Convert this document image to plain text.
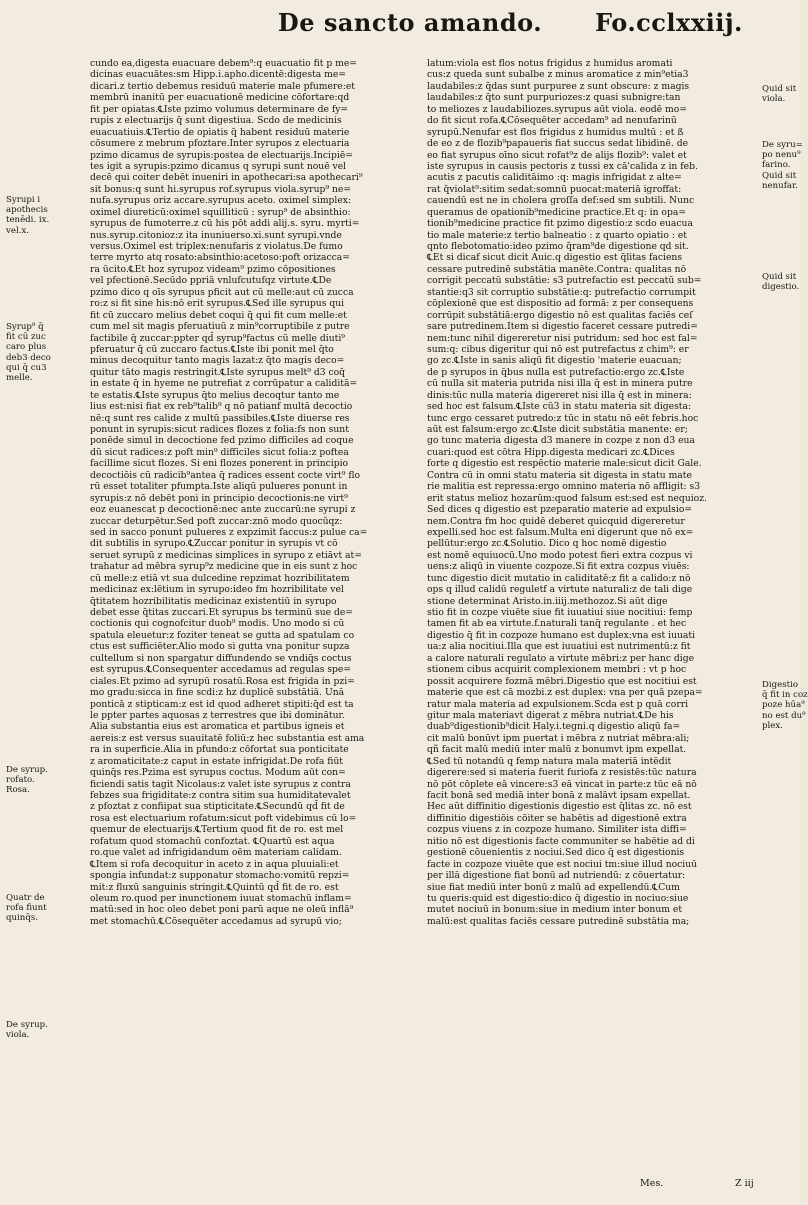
De sancto amando.	Fo.cclxxiij.
cundo ea,digesta euacuare debem⁹:q euacuatio fit p me=
dicinas euacuātes:sm Hipp.i.apho.dicentē:digesta me=
dicari.z tertio debemus residuū materie male pfumere:et
membrū inanitū per euacuationē medicine cōfortare:qd
fit per opiatas.℄Iste pzimo volumus determinare de fy=
rupis z electuarijs q̄ sunt digestiua. Scdo de medicinis
euacuatiuis.℄Tertio de opiatis q̄ habent residuū materie
cōsumere z mebrum pfoztare.Inter syrupos z electuaria
pzimo dicamus de syrupis:postea de electuarijs.Incipiē=
tes igit a syrupis:pzimo dicamus q syrupi sunt nouē vel
decē qui coiter debēt inueniri in apothecari:sa apothecari⁹
sit bonus:q sunt hi.syrupus rof.syrupus viola.syrup⁹ ne=
nufa.syrupus oriz accare.syrupus aceto. oximel simplex:
oximel diureticū:oximel squilliticū : syrup⁹ de absinthio:
syrupus de fumoterre.z cū his pōt addi alij.s. syru. myrti=
nus.syrup.citonioz:z ita inuniuerso.xi.sunt syrupi.vnde
versus.Oximel est triplex:nenufaris z violatus.De fumo
terre myrto atq rosato:absinthio:acetoso:poft orizacca=
ra ūcito.℄Et hoz syrupoz videam⁹ pzimo cōpositiones
vel pfectionē.Secūdo ppriā vnlufcutufqz virtute.℄De
pzimo dico q oīs syrupus pficit aut cū melle:aut cū zucca
ro:z si fit sine his:nō erit syrupus.℄Sed ille syrupus qui
fit cū zuccaro melius debet coqui q̄ qui fit cum melle:et
cum mel sit magis pferuatiuū z min⁹corruptibile z putre
factibile q̄ zuccar:ppter qd̄ syrup⁹factus cū melle diuti⁹
pferuatur q̄ cū zuccaro factus.℄Iste ibi ponit mel q̄to
minus decoquitur tanto magis lazat:z q̄to magis deco=
quitur tāto magis restringit.℄Iste syrupus melt⁹ d3 coq̄
in estate q̄ in hyeme ne putrefiat z corrūpatur a caliditā=
te estatis.℄Iste syrupus q̄to melius decoqtur tanto me
lius est:nisi fiat ex reb⁹talib⁹ q nō patianf multā decoctio
nē:q sunt res calide z multū passibiles.℄Iste diuerse res
ponunt in syrupis:sicut radices flozes z folia:fs non sunt
ponēde simul in decoctione fed pzimo difficiles ad coque
dū sicut radices:z poft min⁹ difficiles sicut folia:z poftea
facillime sicut flozes. Si eni flozes ponerent in principio
decoctiōis cū radicib⁹antea q̄ radices essent cocte virt⁹ flo
rū esset totaliter pfumpta.Iste aliqū pulueres ponunt in
syrupis:z nō debēt poni in principio decoctionis:ne virt⁹
eoz euanescat p decoctionē:nec ante zuccarū:ne syrupi z
zuccar deturpētur.Sed poft zuccar:znō modo quocūqz:
sed in sacco ponunt pulueres z expzimit faccus:z pulue ca=
dit subtilis in syrupo.℄Zuccar ponitur in syrupis vt cō
seruet syrupū z medicinas simplices in syrupo z etiāvt at=
trahatur ad mēbra syrup⁹z medicine que in eis sunt z hoc
cū melle:z etiā vt sua dulcedine repzimat hozribilitatem
medicinaz ex:lētium in syrupo:ideo fm hozribilitate vel
q̄titatem hozribilitatis medicinaz existentiū in syrupo
debet esse q̄titas zuccari.Et syrupus bs terminū sue de=
coctionis qui cognofcitur duob⁹ modis. Uno modo si cū
spatula eleuetur:z foziter teneat se gutta ad spatulam co
ctus est sufficiēter.Alio modo si gutta vna ponitur supza
cultellum si non spargatur diffundendo se vndiq̄s coctus
est syrupus.℄Consequenter accedamus ad regulas spe=
ciales.Et pzimo ad syrupū rosatū.Rosa est frigida in pzi=
mo gradu:sicca in fine scdi:z hz duplicē substātiā. Unā
ponticā z stipticam:z est id quod adheret stipiti:q̄d est ta
le ppter partes aquosas z terrestres que ibi dominātur.
Alia substantia eius est aromatica et partibus igneis et
aereis:z est versus suauitatē foliū:z hec substantia est ama
ra in superficie.Alia in pfundo:z cōfortat sua ponticitate
z aromaticitate:z caput in estate infrigidat.De rofa fiūt
quinq̄s res.Pzima est syrupus coctus. Modum aūt con=
ficiendi satis tagit Nicolaus:z valet iste syrupus z contra
febzes sua frigiditate:z contra sitim sua humiditatevalet
z pfoztat z confiipat sua stipticitate.℄Secundū qd̄ fit de
rosa est electuarium rofatum:sicut poft videbimus cū lo=
quemur de electuarijs.℄Tertium quod fit de ro. est mel
rofatum quod stomachū confoztat. ℄Quartū est aqua
ro.que valet ad infrigidandum oēm materiam calidam.
℄Item si rofa decoquitur in aceto z in aqua pluuiali:et
spongia infundat:z supponatur stomacho:vomitū repzi=
mit:z fluxū sanguinis stringit.℄Quintū qd̄ fit de ro. est
oleum ro.quod per inunctionem iuuat stomachū inflam=
matū:sed in hoc oleo debet poni parū aque ne oleū inflā⁹
met stomachū.℄Cōsequēter accedamus ad syrupū vio;
latum:viola est flos notus frigidus z humidus aromati
cus:z queda sunt subalbe z minus aromatice z min⁹etia3
laudabiles:z q̄das sunt purpuree z sunt obscure: z magis
laudabiles:z q̄to sunt purpuriozes:z quasi subnigre:tan
to meliozes z laudabiliozes.syrupus aūt viola. eodē mo=
do fit sicut rofa.℄Cōsequēter accedam⁹ ad nenufarinū
syrupū.Nenufar est flos frigidus z humidus multū : et ß
de eo z de flozib⁹papaueris fiat succus sedat libidinē. de
eo fiat syrupus oīno sicut rofat⁹z de alijs flozib⁹: valet et
iste syrupus in causis pectoris z tussi ex cā'calida z in feb.
acutis z pacutis caliditāimo :q: magis infrigidat z alte=
rat q̄violat⁹:sitim sedat:somnū puocat:materiā igroffat:
cauendū est ne in cholera groſſa def:sed sm subtili. Nunc
queramus de opationib⁹medicine practice.Et q: in opa=
tionib⁹medicine practice fit pzimo digestio:z scdo euacua
tio male materie:z tertio balneatio : z quarto opiatio : et
qnto flebotomatio:ideo pzimo q̄ram⁹de digestione qd sit.
℄Et si dicaf sicut dicit Auic.q digestio est q̄litas faciens
cessare putredinē substātia manēte.Contra: qualitas nō
corrigit peccatū substātie: s3 putrefactio est peccatū sub=
stantie:q3 sit corruptio substātie:q: putrefactio corrumpit
cōplexionē que est dispositio ad formā: z per consequens
corrūpit substātiā:ergo digestio nō est qualitas faciēs ceſ
sare putredinem.Item si digestio faceret cessare putredi=
nem:tunc nihil digereretur nisi putridum: sed hoc est fal=
sum:q: cibus digeritur qui nō est putrefactus z chim⁹: er
go zc.℄Iste in sanis aliqū fit digestio 'materie euacuan;
de p syrupos in q̄bus nulla est putrefactio:ergo zc.℄Iste
cū nulla sit materia putrida nisi illa q̄ est in minera putre
dinis:tūc nulla materia digereret nisi illa q̄ est in minera:
sed hoc est falsum.℄Iste cū3 in statu materia sit digesta:
tunc ergo cessaret putredo:z tūc in statu nō eēt febris.hoc
aūt est falsum:ergo zc.℄Iste dicit substātia manente: er;
go tunc materia digesta d3 manere in cozpe z non d3 eua
cuari:quod est cōtra Hipp.digesta medicari zc.℄Dices
forte q digestio est respēctio materie male:sicut dicit Gale.
Contra cū in omni statu materia sit digesta in statu mate
rie malitia est repressa:ergo omnino materia nō affligit: s3
erit status melioz hozarūm:quod falsum est:sed est nequioz.
Sed dices q digestio est pzeparatio materie ad expulsio=
nem.Contra fm hoc quidē deberet quicquid digereretur
expelli.sed hoc est falsum.Multa eni digerunt que nō ex=
pellūtur:ergo zc.℄Solutio. Dico q hoc nomē digestio
est nomē equiuocū.Uno modo potest fieri extra cozpus vi
uens:z aliqū in viuente cozpoze.Si fit extra cozpus viuēs:
tunc digestio dicit mutatio in caliditatē:z fit a calido:z nō
ops q illud calidū reguletf a virtute naturali:z de tali dige
stione determinat Aristo.in.iiij.methozoz.Si aūt dige
stio fit in cozpe viuēte siue fit iuuatiui siue nocitiui: femp
tamen fit ab ea virtute.f.naturali tanq̄ regulante . et hec
digestio q̄ fit in cozpoze humano est duplex:vna est iuuati
ua:z alia nocitiui.Illa que est iuuatiui est nutrimentū:z fit
a calore naturali regulato a virtute mēbri:z per hanc dige
stionem cibus acquirit complexionem membri : vt p hoc
possit acquirere fozmā mēbri.Digestio que est nocitiui est
materie que est cā mozbi.z est duplex: vna per quā pzepa=
ratur mala materia ad expulsionem.Scda est p quā corri
gitur mala materiavt digerat z mēbra nutriat.℄De his
duab⁹digestionib⁹dicit Haly.i.tegni.q digestio aliqū fa=
cit malū bonūvt ipm puertat i mēbra z nutriat mēbra:ali;
qñ facit malū mediū inter malū z bonumvt ipm expellat.
℄Sed tū notandū q femp natura mala materiā intēdit
digerere:sed si materia fuerit furiofa z resistēs:tūc natura
nō pōt cōplete eā vincere:s3 eā vincat in parte:z tūc eā nō
facit bonā sed mediā inter bonā z malāvt ipsam expellat.
Hec aūt diffinitio digestionis digestio est q̄litas zc. nō est
diffinitio digestiōis cōiter se habētis ad digestionē extra
cozpus viuens z in cozpoze humano. Similiter ista diffi=
nitio nō est digestionis facte communiter se habētie ad di
gestionē cōuenientis z nociui.Sed dico q̄ est digestionis
facte in cozpoze viuēte que est nociui tm:siue illud nociuū
per illā digestione fiat bonū ad nutriendū: z cōuertatur:
siue fiat mediū inter bonū z malū ad expellendū.℄Cum
tu queris:quid est digestio:dico q̄ digestio in nociuo:siue
mutet nociuū in bonum:siue in medium inter bonum et
malū:est qualitas faciēs cessare putredinē substātia ma;
Syrupi i
apothecis
tenēdi. ix.
vel.x.
Syrup⁹ q̄
fit cū zuc
caro plus
deb3 deco
qui q̄ cu3
melle.
De syrup.
rofato.
Rosa.
Quatr de
rofa fiunt
quinq̄s.
De syrup.
viola.
Quid sit
viola.
De syru=
po nenu⁹
farino.
Quid sit
nenufar.
Quid sit
digestio.
Digestio
q̄ fit in coz
poze hūa⁹
no est du⁹
plex.
Mes.	Z iij
